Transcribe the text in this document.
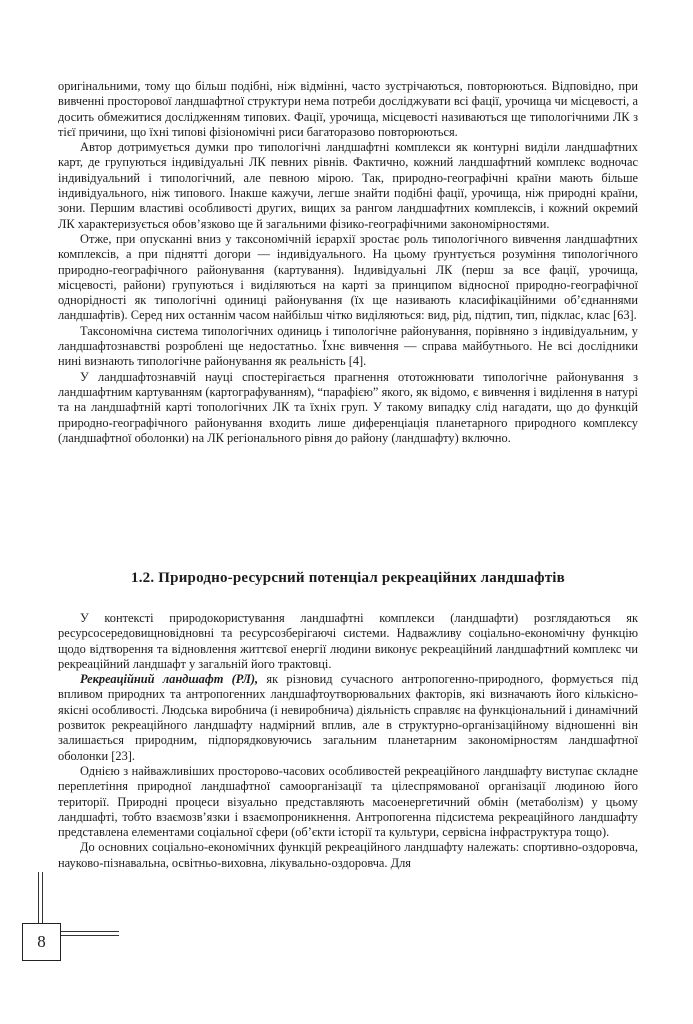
оригінальними, тому що більш подібні, ніж відмінні, часто зустрічаються, повторюються. Відповідно, при вивченні просторової ландшафтної структури нема потреби досліджувати всі фації, урочища чи місцевості, а досить обмежитися дослідженням типових. Фації, урочища, місцевості називаються ще типологічними ЛК з тієї причини, що їхні типові фізіономічні риси багаторазово повторюються.

Автор дотримується думки про типологічні ландшафтні комплекси як контурні виділи ландшафтних карт, де групуються індивідуальні ЛК певних рівнів. Фактично, кожний ландшафтний комплекс водночас індивідуальний і типологічний, але певною мірою. Так, природно-географічні країни мають більше індивідуального, ніж типового. Інакше кажучи, легше знайти подібні фації, урочища, ніж природні країни, зони. Першим властиві особливості других, вищих за рангом ландшафтних комплексів, і кожний окремий ЛК характеризується обов’язково ще й загальними фізико-географічними закономірностями.

Отже, при опусканні вниз у таксономічній ієрархії зростає роль типологічного вивчення ландшафтних комплексів, а при піднятті догори — індивідуального. На цьому ґрунтується розуміння типологічного природно-географічного районування (картування). Індивідуальні ЛК (перш за все фації, урочища, місцевості, райони) групуються і виділяються на карті за принципом відносної природно-географічної однорідності як типологічні одиниці районування (їх ще називають класифікаційними об’єднаннями ландшафтів). Серед них останнім часом найбільш чітко виділяються: вид, рід, підтип, тип, підклас, клас [63].

Таксономічна система типологічних одиниць і типологічне районування, порівняно з індивідуальним, у ландшафтознавстві розроблені ще недостатньо. Їхнє вивчення — справа майбутнього. Не всі дослідники нині визнають типологічне районування як реальність [4].

У ландшафтознавчій науці спостерігається прагнення ототожнювати типологічне районування з ландшафтним картуванням (картографуванням), “парафією” якого, як відомо, є вивчення і виділення в натурі та на ландшафтній карті топологічних ЛК та їхніх груп. У такому випадку слід нагадати, що до функцій природно-географічного районування входить лише диференціація планетарного природного комплексу (ландшафтної оболонки) на ЛК регіонального рівня до району (ландшафту) включно.

1.2. Природно-ресурсний потенціал рекреаційних ландшафтів

У контексті природокористування ландшафтні комплекси (ландшафти) розглядаються як ресурсосередовищновідновні та ресурсозберігаючі системи. Надважливу соціально-економічну функцію щодо відтворення та відновлення життєвої енергії людини виконує рекреаційний ландшафтний комплекс чи рекреаційний ландшафт у загальній його трактовці.

Рекреаційний ландшафт (РЛ), як різновид сучасного антропогенно-природного, формується під впливом природних та антропогенних ландшафтоутворювальних факторів, які визначають його кількісно-якісні особливості. Людська виробнича (і невиробнича) діяльність справляє на функціональний і динамічний розвиток рекреаційного ландшафту надмірний вплив, але в структурно-організаційному відношенні він залишається природним, підпорядковуючись загальним планетарним закономірностям ландшафтної оболонки [23].

Однією з найважливіших просторово-часових особливостей рекреаційного ландшафту виступає складне переплетіння природної ландшафтної самоорганізації та цілеспрямованої організації людиною його території. Природні процеси візуально представляють масоенергетичний обмін (метаболізм) у цьому ландшафті, тобто взаємозв’язки і взаємопроникнення. Антропогенна підсистема рекреаційного ландшафту представлена елементами соціальної сфери (об’єкти історії та культури, сервісна інфраструктура тощо).

До основних соціально-економічних функцій рекреаційного ландшафту належать: спортивно-оздоровча, науково-пізнавальна, освітньо-виховна, лікувально-оздоровча. Для

8
